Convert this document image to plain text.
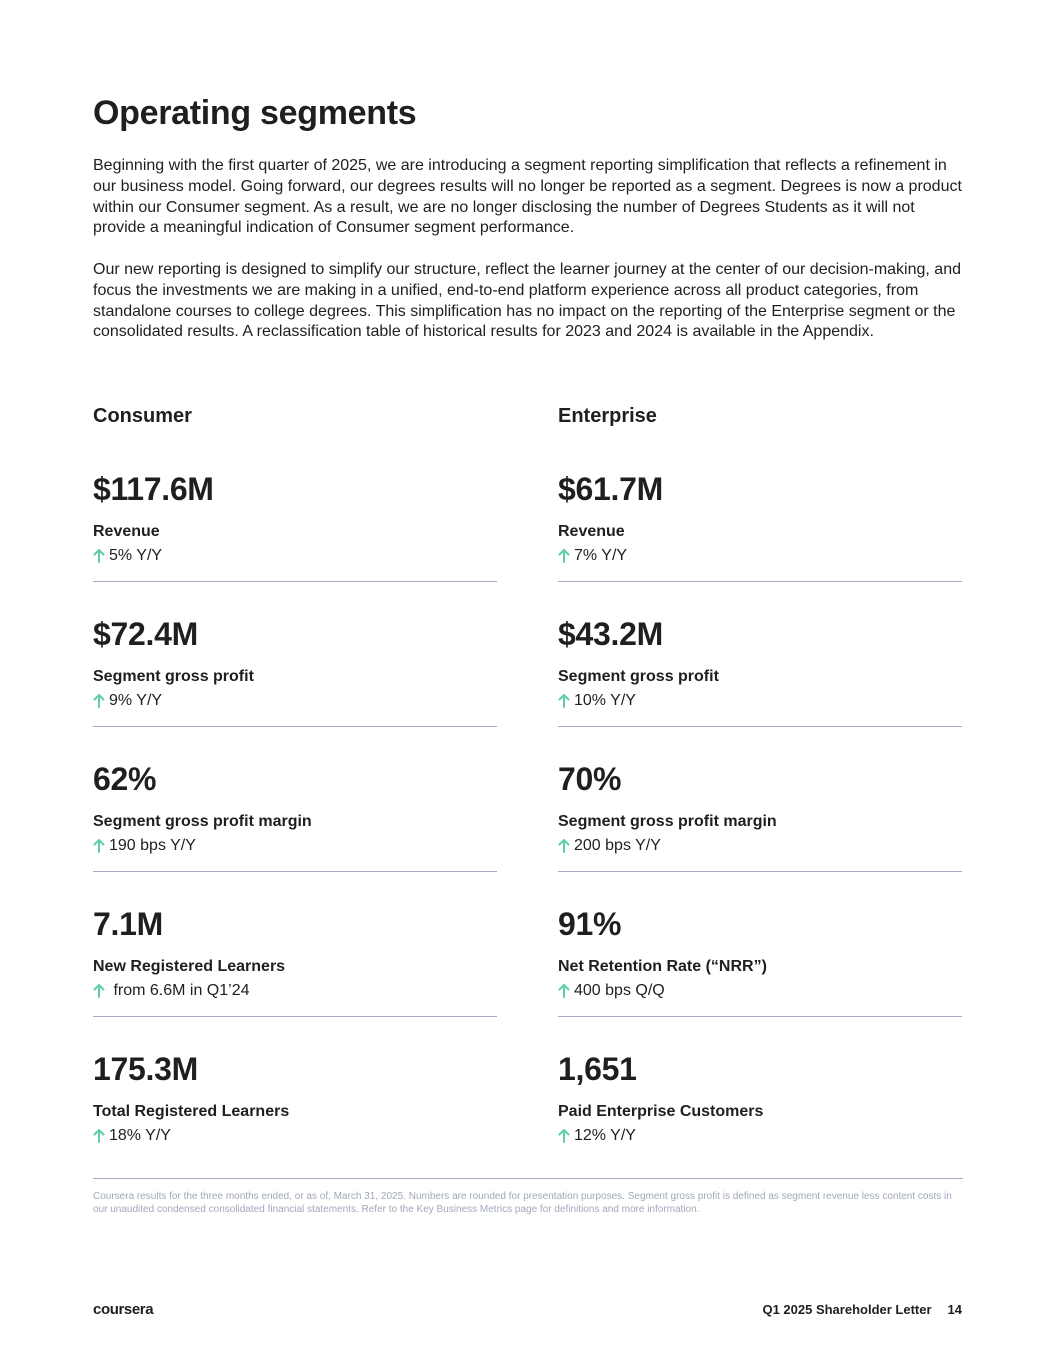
Operating segments

Beginning with the first quarter of 2025, we are introducing a segment reporting simplification that reflects a refinement in our business model. Going forward, our degrees results will no longer be reported as a segment. Degrees is now a product within our Consumer segment. As a result, we are no longer disclosing the number of Degrees Students as it will not provide a meaningful indication of Consumer segment performance.

Our new reporting is designed to simplify our structure, reflect the learner journey at the center of our decision-making, and focus the investments we are making in a unified, end-to-end platform experience across all product categories, from standalone courses to college degrees. This simplification has no impact on the reporting of the Enterprise segment or the consolidated results. A reclassification table of historical results for 2023 and 2024 is available in the Appendix.

Consumer
$117.6M
Revenue
5% Y/Y
$72.4M
Segment gross profit
9% Y/Y
62%
Segment gross profit margin
190 bps Y/Y
7.1M
New Registered Learners
from 6.6M in Q1’24
175.3M
Total Registered Learners
18% Y/Y
Enterprise
$61.7M
Revenue
7% Y/Y
$43.2M
Segment gross profit
10% Y/Y
70%
Segment gross profit margin
200 bps Y/Y
91%
Net Retention Rate (“NRR”)
400 bps Q/Q
1,651
Paid Enterprise Customers
12% Y/Y

Coursera results for the three months ended, or as of, March 31, 2025. Numbers are rounded for presentation purposes. Segment gross profit is defined as segment revenue less content costs in our unaudited condensed consolidated financial statements. Refer to the Key Business Metrics page for definitions and more information.

coursera	Q1 2025 Shareholder Letter 14
